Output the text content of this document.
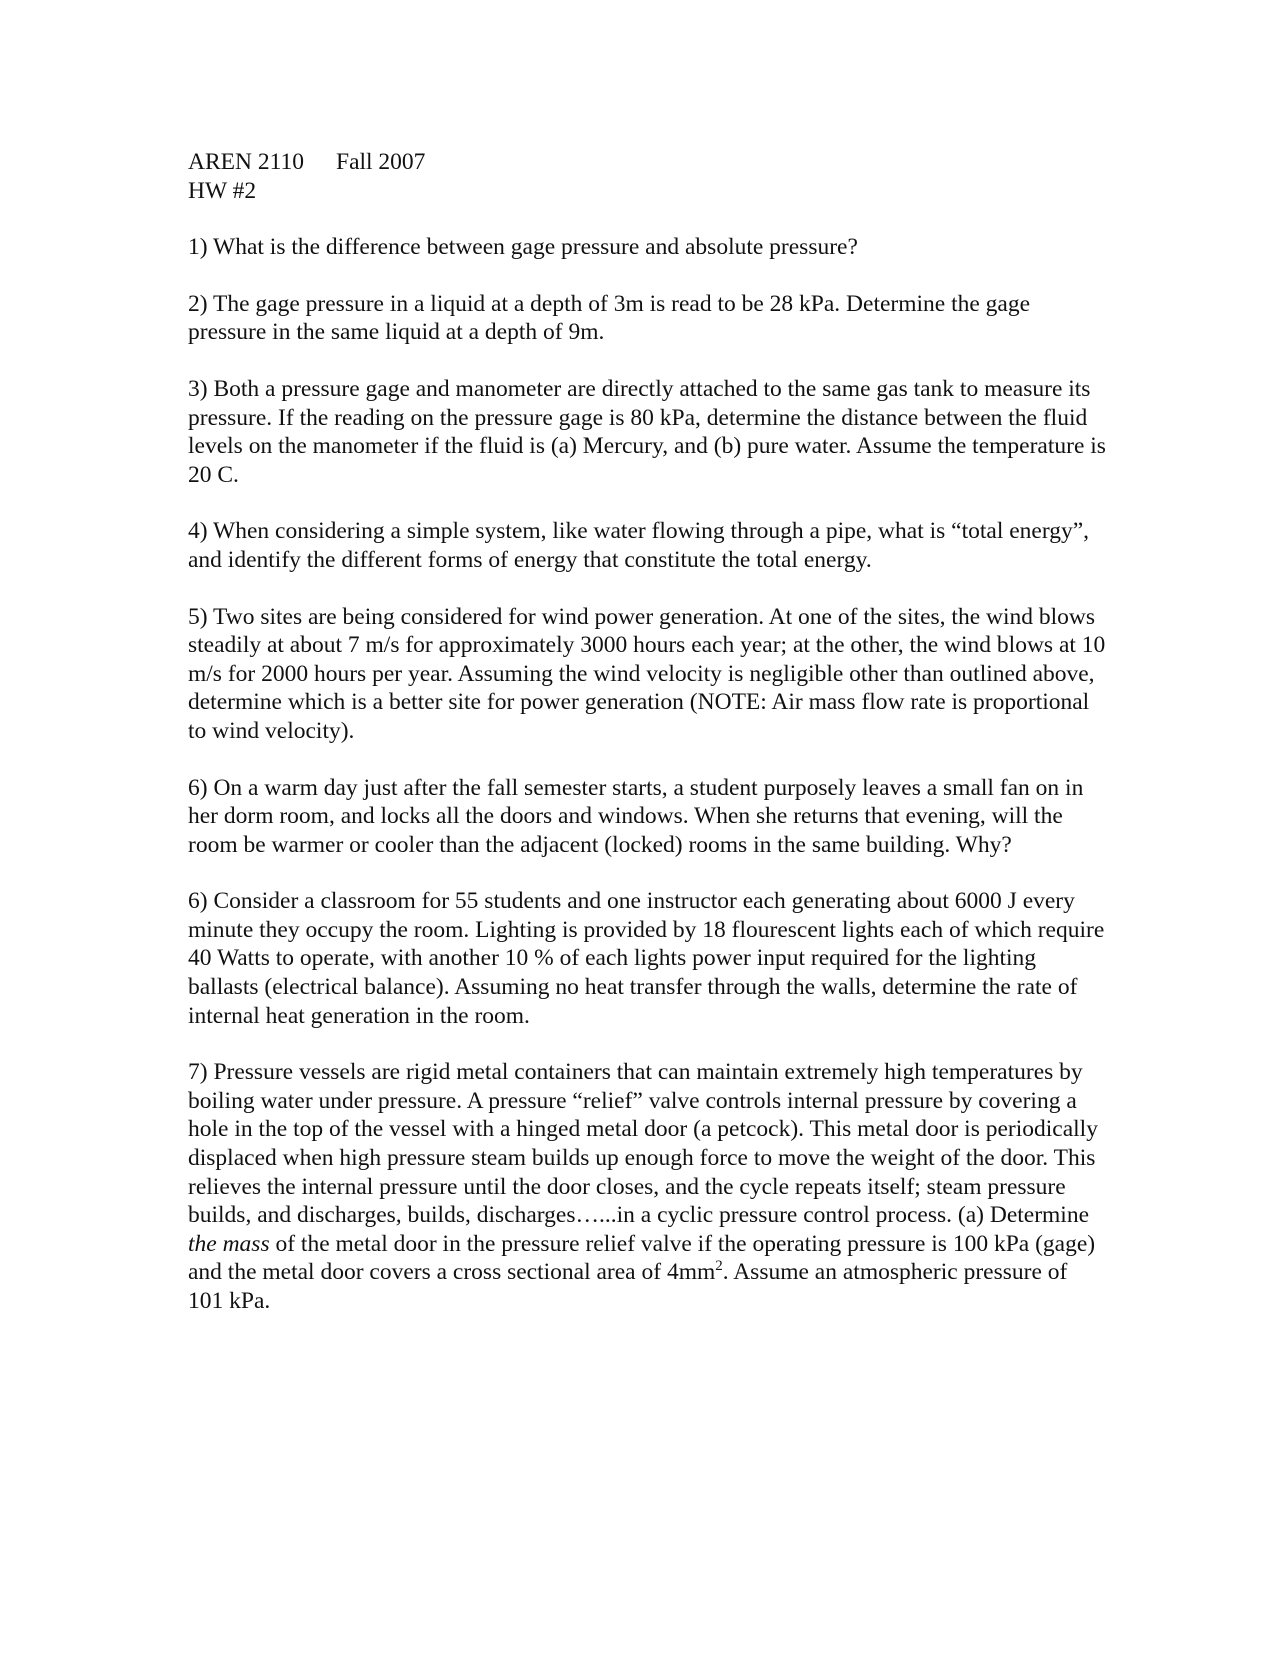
AREN 2110 Fall 2007
HW #2

1) What is the difference between gage pressure and absolute pressure?

2) The gage pressure in a liquid at a depth of 3m is read to be 28 kPa. Determine the gage pressure in the same liquid at a depth of 9m.

3) Both a pressure gage and manometer are directly attached to the same gas tank to measure its pressure. If the reading on the pressure gage is 80 kPa, determine the distance between the fluid levels on the manometer if the fluid is (a) Mercury, and (b) pure water. Assume the temperature is 20 C.

4) When considering a simple system, like water flowing through a pipe, what is “total energy”, and identify the different forms of energy that constitute the total energy.

5) Two sites are being considered for wind power generation. At one of the sites, the wind blows steadily at about 7 m/s for approximately 3000 hours each year; at the other, the wind blows at 10 m/s for 2000 hours per year. Assuming the wind velocity is negligible other than outlined above, determine which is a better site for power generation (NOTE: Air mass flow rate is proportional to wind velocity).

6) On a warm day just after the fall semester starts, a student purposely leaves a small fan on in her dorm room, and locks all the doors and windows. When she returns that evening, will the room be warmer or cooler than the adjacent (locked) rooms in the same building. Why?

6) Consider a classroom for 55 students and one instructor each generating about 6000 J every minute they occupy the room. Lighting is provided by 18 flourescent lights each of which require 40 Watts to operate, with another 10 % of each lights power input required for the lighting ballasts (electrical balance). Assuming no heat transfer through the walls, determine the rate of internal heat generation in the room.

7) Pressure vessels are rigid metal containers that can maintain extremely high temperatures by boiling water under pressure. A pressure “relief” valve controls internal pressure by covering a hole in the top of the vessel with a hinged metal door (a petcock). This metal door is periodically displaced when high pressure steam builds up enough force to move the weight of the door. This relieves the internal pressure until the door closes, and the cycle repeats itself; steam pressure builds, and discharges, builds, discharges…...in a cyclic pressure control process. (a) Determine the mass of the metal door in the pressure relief valve if the operating pressure is 100 kPa (gage) and the metal door covers a cross sectional area of $4mm^2$. Assume an atmospheric pressure of 101 kPa.
